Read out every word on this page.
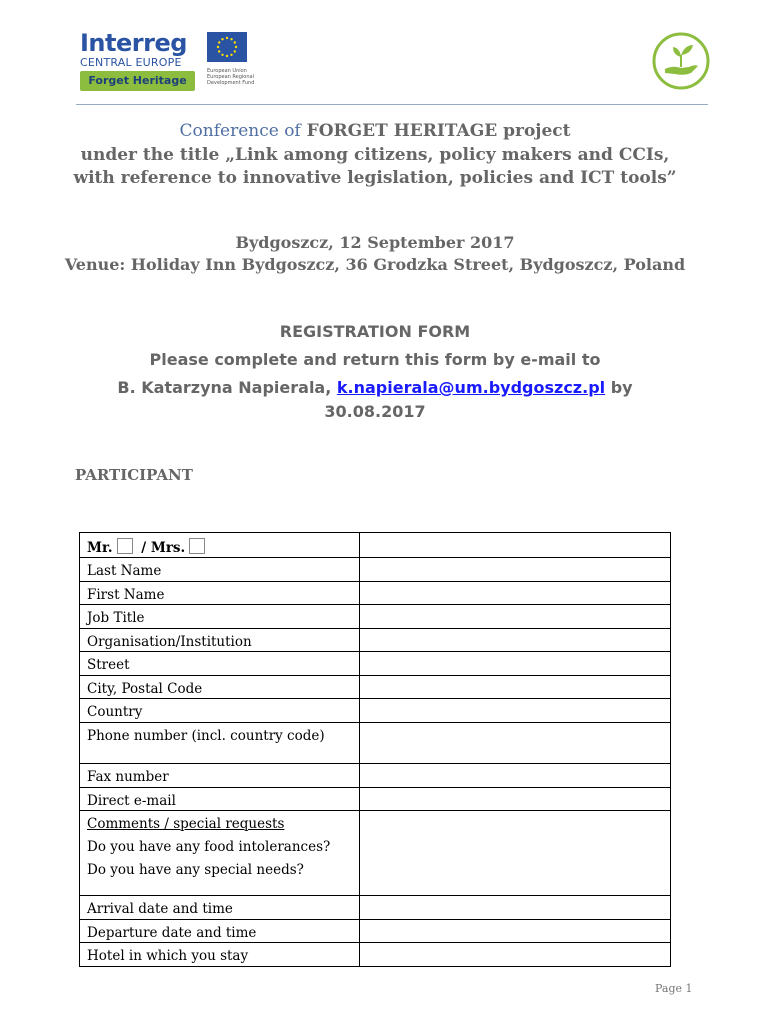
Interreg
CENTRAL EUROPE
Forget Heritage
European Union European Regional Development Fund
Conference of FORGET HERITAGE project
under the title „Link among citizens, policy makers and CCIs, with reference to innovative legislation, policies and ICT tools”
Bydgoszcz, 12 September 2017
Venue: Holiday Inn Bydgoszcz, 36 Grodzka Street, Bydgoszcz, Poland
REGISTRATION FORM
Please complete and return this form by e-mail to
B. Katarzyna Napierala, k.napierala@um.bydgoszcz.pl by
30.08.2017
PARTICIPANT
Mr. / Mrs.	
Last Name	
First Name	
Job Title	
Organisation/Institution	
Street	
City, Postal Code	
Country	
Phone number (incl. country code)	
Fax number	
Direct e-mail	

Comments / special requests
Do you have any food intolerances?
Do you have any special needs?	

Arrival date and time	
Departure date and time	
Hotel in which you stay	
Page 1
